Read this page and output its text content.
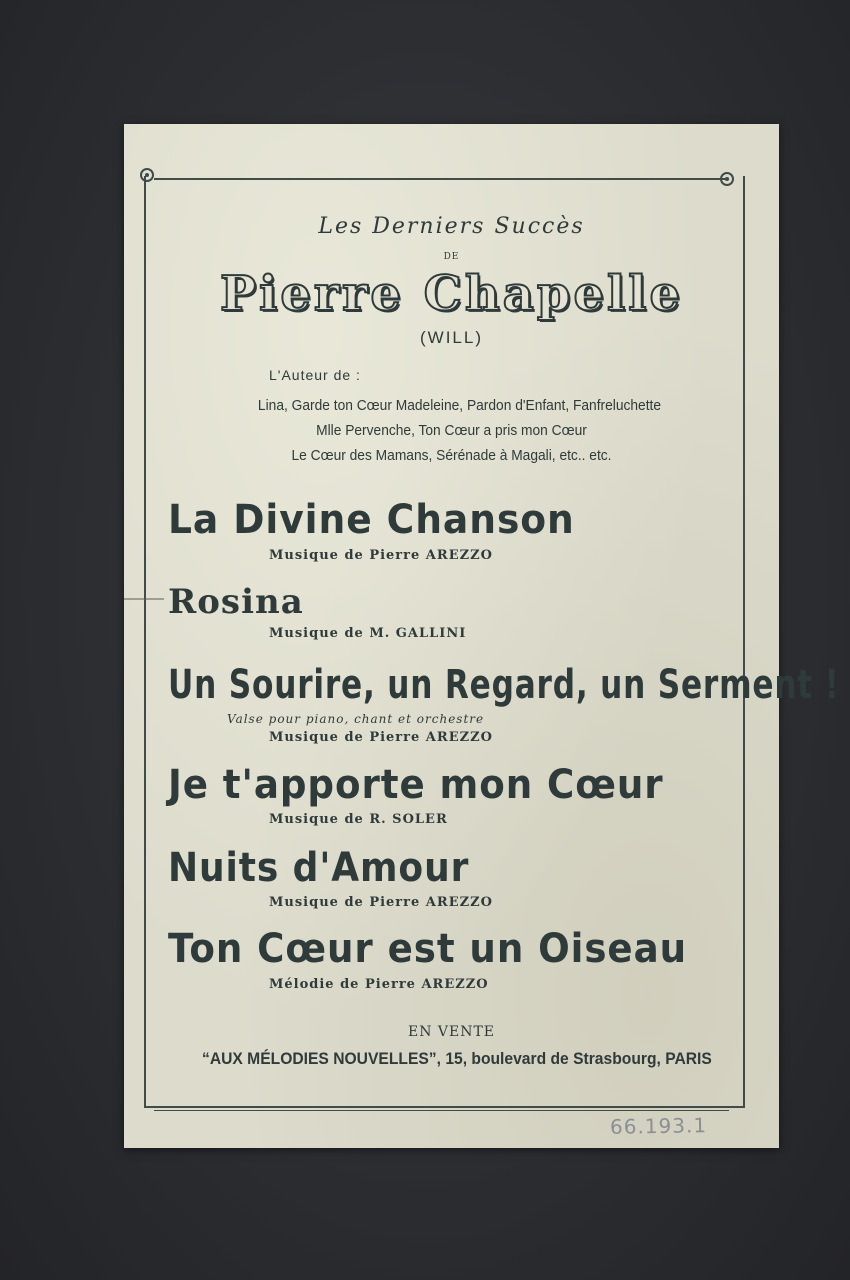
Les Derniers Succès
DE
Pierre Chapelle
(WILL)
L'Auteur de :
Lina, Garde ton Cœur Madeleine, Pardon d'Enfant, Fanfreluchette
Mlle Pervenche, Ton Cœur a pris mon Cœur
Le Cœur des Mamans, Sérénade à Magali, etc.. etc.
La Divine Chanson
Musique de Pierre AREZZO
Rosina
Musique de M. GALLINI
Un Sourire, un Regard, un Serment !
Valse pour piano, chant et orchestre
Musique de Pierre AREZZO
Je t'apporte mon Cœur
Musique de R. SOLER
Nuits d'Amour
Musique de Pierre AREZZO
Ton Cœur est un Oiseau
Mélodie de Pierre AREZZO
EN VENTE
“AUX MÉLODIES NOUVELLES”, 15, boulevard de Strasbourg, PARIS
66.193.1
